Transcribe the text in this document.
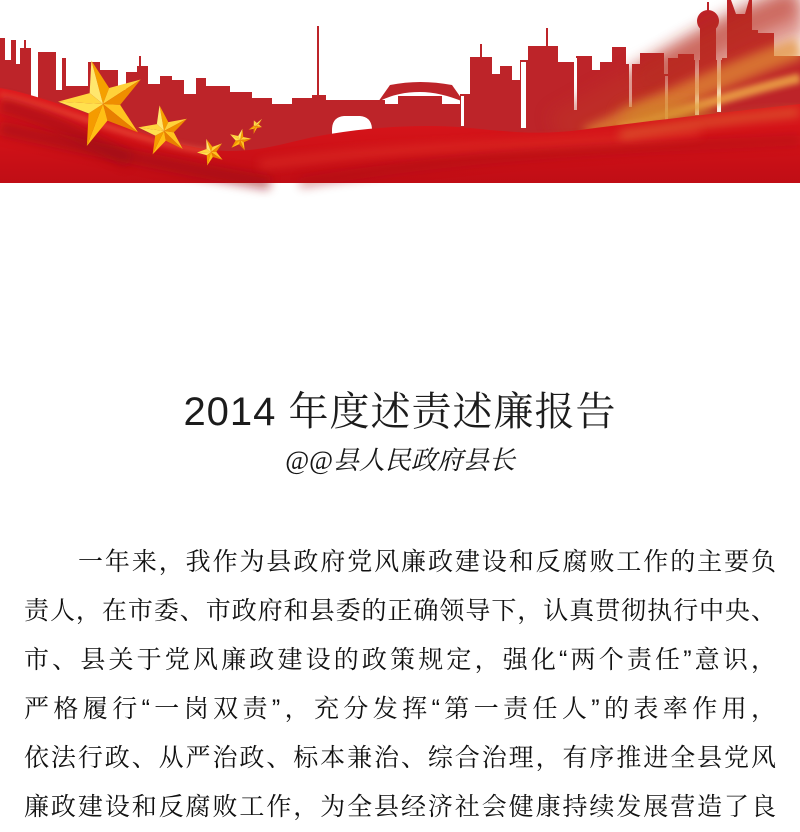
2014 年度述责述廉报告
@@县人民政府县长
一年来，我作为县政府党风廉政建设和反腐败工作的主要负
责人，在市委、市政府和县委的正确领导下，认真贯彻执行中央、
市、县关于党风廉政建设的政策规定，强化“两个责任”意识，
严格履行“一岗双责”，充分发挥“第一责任人”的表率作用，
依法行政、从严治政、标本兼治、综合治理，有序推进全县党风
廉政建设和反腐败工作，为全县经济社会健康持续发展营造了良
